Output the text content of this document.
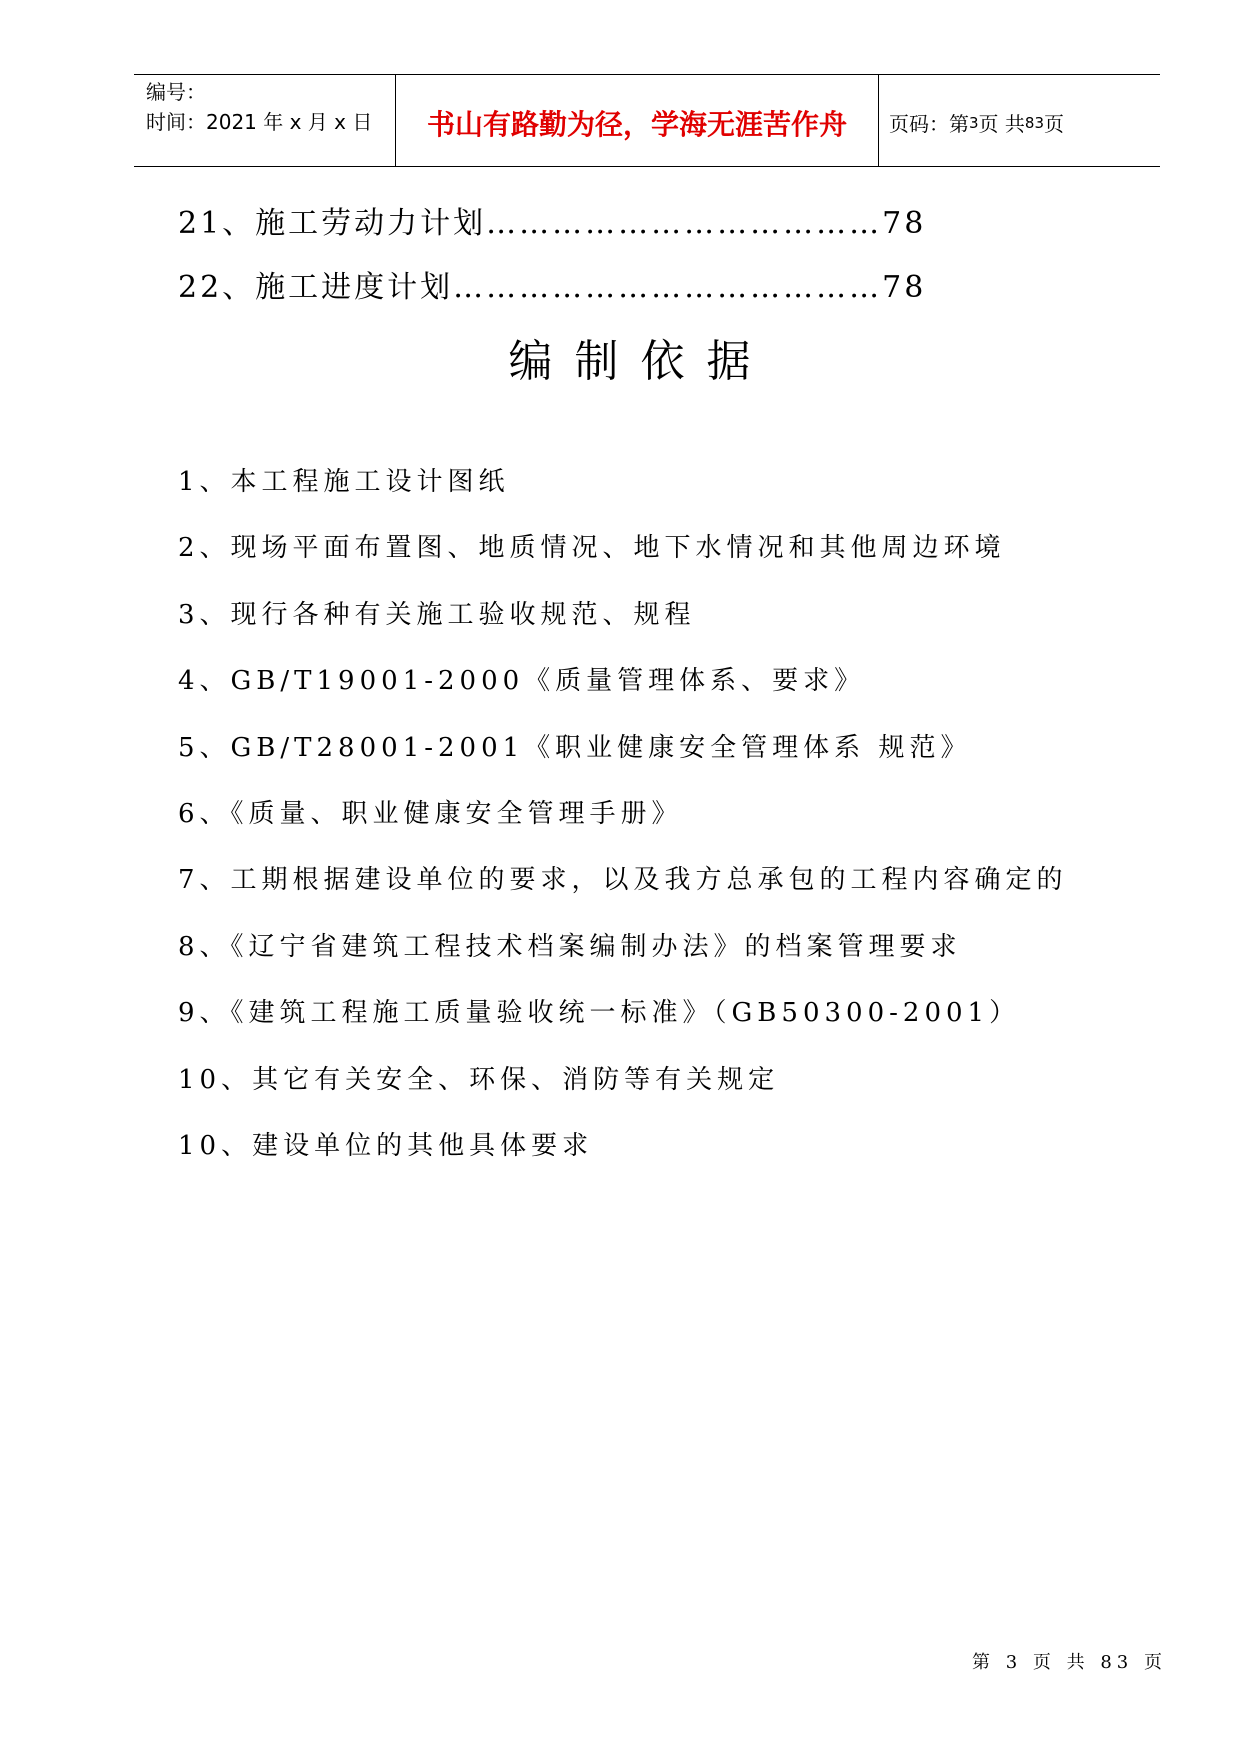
编号：
时间：2021 年 x 月 x 日	书山有路勤为径，学海无涯苦作舟	页码：第 3 页 共 83 页
21、施工劳动力计划………………………………78
22、施工进度计划…………………………………78
编制依据
1、本工程施工设计图纸
2、现场平面布置图、地质情况、地下水情况和其他周边环境
3、现行各种有关施工验收规范、规程
4、GB/T19001-2000《质量管理体系、要求》
5、GB/T28001-2001《职业健康安全管理体系 规范》
6、《质量、职业健康安全管理手册》
7、工期根据建设单位的要求，以及我方总承包的工程内容确定的
8、《辽宁省建筑工程技术档案编制办法》的档案管理要求
9、《建筑工程施工质量验收统一标准》（GB50300-2001）
10、其它有关安全、环保、消防等有关规定
10、建设单位的其他具体要求
第 3 页 共 83 页
